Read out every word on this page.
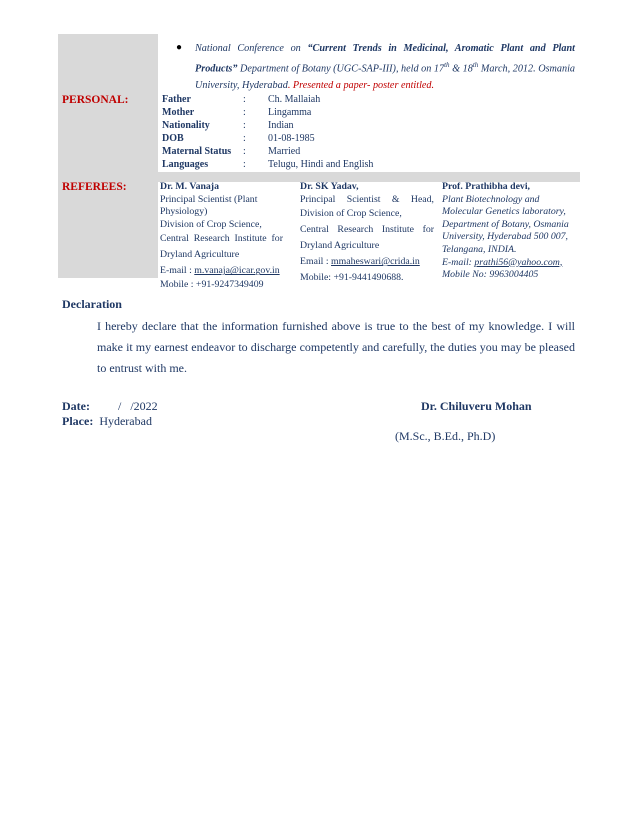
● National Conference on “Current Trends in Medicinal, Aromatic Plant and Plant Products” Department of Botany (UGC-SAP-III), held on 17th & 18th March, 2012. Osmania University, Hyderabad. Presented a paper- poster entitled.
PERSONAL:	Father	: Ch. Mallaiah
Mother	: Lingamma
Nationality	: Indian
DOB	: 01-08-1985
Maternal Status : Married
Languages	: Telugu, Hindi and English
REFEREES:	Dr. M. Vanaja
Principal Scientist (Plant
Physiology)
Division of Crop Science,
Central  Research  Institute  for
Dryland Agriculture
E-mail : m.vanaja@icar.gov.in
Mobile : +91-9247349409
Dr. SK Yadav,
Principal Scientist & Head,
Division of Crop Science,
Central Research Institute for
Dryland Agriculture
Email : mmaheswari@crida.in
Mobile: +91-9441490688.
Prof. Prathibha devi,
Plant Biotechnology and
Molecular Genetics laboratory,
Department of Botany, Osmania
University, Hyderabad 500 007,
Telangana, INDIA.
E-mail: prathi56@yahoo.com,
Mobile No: 9963004405
Declaration
I hereby declare that the information furnished above is true to the best of my knowledge. I will make it my earnest endeavor to discharge competently and carefully, the duties you may be pleased to entrust with me.
Date: /   /2022
Place: Hyderabad
Dr. Chiluveru Mohan
(M.Sc., B.Ed., Ph.D)
